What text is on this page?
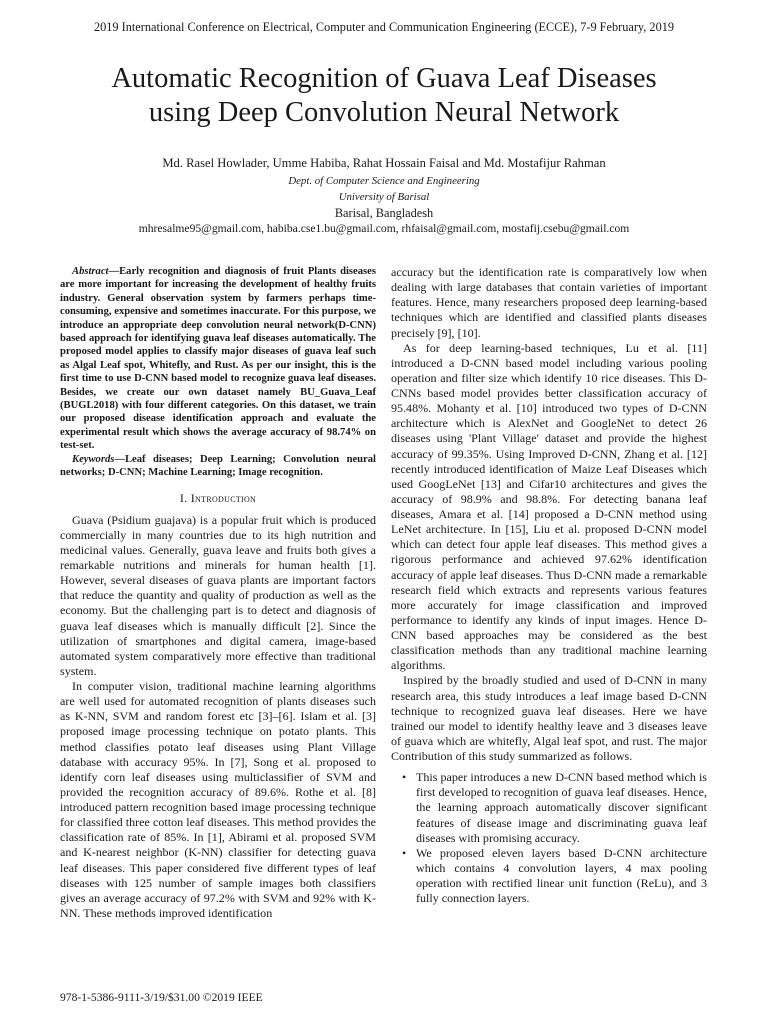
2019 International Conference on Electrical, Computer and Communication Engineering (ECCE), 7-9 February, 2019
Automatic Recognition of Guava Leaf Diseases
using Deep Convolution Neural Network
Md. Rasel Howlader, Umme Habiba, Rahat Hossain Faisal and Md. Mostafijur Rahman
Dept. of Computer Science and Engineering
University of Barisal
Barisal, Bangladesh
mhresalme95@gmail.com, habiba.cse1.bu@gmail.com, rhfaisal@gmail.com, mostafij.csebu@gmail.com

Abstract—Early recognition and diagnosis of fruit Plants diseases are more important for increasing the development of healthy fruits industry. General observation system by farmers perhaps time-consuming, expensive and sometimes inaccurate. For this purpose, we introduce an appropriate deep convolution neural network(D-CNN) based approach for identifying guava leaf diseases automatically. The proposed model applies to classify major diseases of guava leaf such as Algal Leaf spot, Whitefly, and Rust. As per our insight, this is the first time to use D-CNN based model to recognize guava leaf diseases. Besides, we create our own dataset namely BU_Guava_Leaf (BUGL2018) with four different categories. On this dataset, we train our proposed disease identification approach and evaluate the experimental result which shows the average accuracy of 98.74% on test-set.

Keywords—Leaf diseases; Deep Learning; Convolution neural networks; D-CNN; Machine Learning; Image recognition.

I. Introduction

Guava (Psidium guajava) is a popular fruit which is produced commercially in many countries due to its high nutrition and medicinal values. Generally, guava leave and fruits both gives a remarkable nutritions and minerals for human health [1]. However, several diseases of guava plants are important factors that reduce the quantity and quality of production as well as the economy. But the challenging part is to detect and diagnosis of guava leaf diseases which is manually difficult [2]. Since the utilization of smartphones and digital camera, image-based automated system comparatively more effective than traditional system.

In computer vision, traditional machine learning algorithms are well used for automated recognition of plants diseases such as K-NN, SVM and random forest etc [3]–[6]. Islam et al. [3] proposed image processing technique on potato plants. This method classifies potato leaf diseases using Plant Village database with accuracy 95%. In [7], Song et al. proposed to identify corn leaf diseases using multiclassifier of SVM and provided the recognition accuracy of 89.6%. Rothe et al. [8] introduced pattern recognition based image processing technique for classified three cotton leaf diseases. This method provides the classification rate of 85%. In [1], Abirami et al. proposed SVM and K-nearest neighbor (K-NN) classifier for detecting guava leaf diseases. This paper considered five different types of leaf diseases with 125 number of sample images both classifiers gives an average accuracy of 97.2% with SVM and 92% with K-NN. These methods improved identification

accuracy but the identification rate is comparatively low when dealing with large databases that contain varieties of important features. Hence, many researchers proposed deep learning-based techniques which are identified and classified plants diseases precisely [9], [10].

As for deep learning-based techniques, Lu et al. [11] introduced a D-CNN based model including various pooling operation and filter size which identify 10 rice diseases. This D-CNNs based model provides better classification accuracy of 95.48%. Mohanty et al. [10] introduced two types of D-CNN architecture which is AlexNet and GoogleNet to detect 26 diseases using 'Plant Village' dataset and provide the highest accuracy of 99.35%. Using Improved D-CNN, Zhang et al. [12] recently introduced identification of Maize Leaf Diseases which used GoogLeNet [13] and Cifar10 architectures and gives the accuracy of 98.9% and 98.8%. For detecting banana leaf diseases, Amara et al. [14] proposed a D-CNN method using LeNet architecture. In [15], Liu et al. proposed D-CNN model which can detect four apple leaf diseases. This method gives a rigorous performance and achieved 97.62% identification accuracy of apple leaf diseases. Thus D-CNN made a remarkable research field which extracts and represents various features more accurately for image classification and improved performance to identify any kinds of input images. Hence D-CNN based approaches may be considered as the best classification methods than any traditional machine learning algorithms.

Inspired by the broadly studied and used of D-CNN in many research area, this study introduces a leaf image based D-CNN technique to recognized guava leaf diseases. Here we have trained our model to identify healthy leave and 3 diseases leave of guava which are whitefly, Algal leaf spot, and rust. The major Contribution of this study summarized as follows.

• This paper introduces a new D-CNN based method which is first developed to recognition of guava leaf diseases. Hence, the learning approach automatically discover significant features of disease image and discriminating guava leaf diseases with promising accuracy.
• We proposed eleven layers based D-CNN architecture which contains 4 convolution layers, 4 max pooling operation with rectified linear unit function (ReLu), and 3 fully connection layers.
978-1-5386-9111-3/19/$31.00 ©2019 IEEE
